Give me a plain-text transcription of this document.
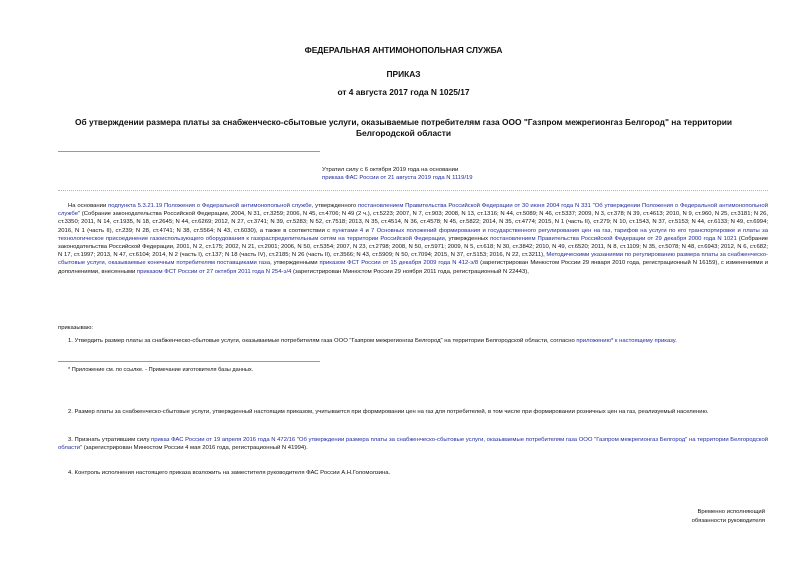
ФЕДЕРАЛЬНАЯ АНТИМОНОПОЛЬНАЯ СЛУЖБА
ПРИКАЗ
от 4 августа 2017 года N 1025/17
Об утверждении размера платы за снабженческо-сбытовые услуги, оказываемые потребителям газа ООО "Газпром межрегионгаз Белгород" на территории Белгородской области
Утратил силу с 6 октября 2019 года на основании
приказа ФАС России от 21 августа 2019 года N 1119/19
На основании подпункта 5.3.21.19 Положения о Федеральной антимонопольной службе, утвержденного постановлением Правительства Российской Федерации от 30 июня 2004 года N 331 "Об утверждении Положения о Федеральной антимонопольной службе" (Собрание законодательства Российской Федерации, 2004, N 31, ст.3259; 2006, N 45, ст.4706; N 49 (2 ч.), ст.5223; 2007, N 7, ст.903; 2008, N 13, ст.1316; N 44, ст.5089; N 46, ст.5337; 2009, N 3, ст.378; N 39, ст.4613; 2010, N 9, ст.960, N 25, ст.3181; N 26, ст.3350; 2011, N 14, ст.1935, N 18, ст.2645; N 44, ст.6269; 2012, N 27, ст.3741; N 39, ст.5283; N 52, ст.7518; 2013, N 35, ст.4514, N 36, ст.4578; N 45, ст.5822; 2014, N 35, ст.4774; 2015, N 1 (часть II), ст.279; N 10, ст.1543, N 37, ст.5153; N 44, ст.6133; N 49, ст.6994; 2016, N 1 (часть II), ст.239; N 28, ст.4741; N 38, ст.5564; N 43, ст.6030), а также в соответствии с пунктами 4 и 7 Основных положений формирования и государственного регулирования цен на газ, тарифов на услуги по его транспортировке и платы за технологическое присоединение газоиспользующего оборудования к газораспределительным сетям на территории Российской Федерации, утвержденных постановлением Правительства Российской Федерации от 29 декабря 2000 года N 1021 (Собрание законодательства Российской Федерации, 2001, N 2, ст.175; 2002, N 21, ст.2001; 2006, N 50, ст.5354; 2007, N 23, ст.2798; 2008, N 50, ст.5971; 2009, N 5, ст.618; N 30, ст.3842; 2010, N 49, ст.6520; 2011, N 8, ст.1109; N 35, ст.5078; N 48, ст.6943; 2012, N 6, ст.682; N 17, ст.1997; 2013, N 47, ст.6104; 2014, N 2 (часть I), ст.137; N 18 (часть IV), ст.2185; N 26 (часть II), ст.3566; N 43, ст.5909; N 50, ст.7094; 2015, N 37, ст.5153; 2016, N 22, ст.3211), Методическими указаниями по регулированию размера платы за снабженческо-сбытовые услуги, оказываемые конечным потребителям поставщиками газа, утвержденными приказом ФСТ России от 15 декабря 2009 года N 412-э/8 (зарегистрирован Минюстом России 29 января 2010 года, регистрационный N 16159), с изменениями и дополнениями, внесенными приказом ФСТ России от 27 октября 2011 года N 254-э/4 (зарегистрирован Минюстом России 29 ноября 2011 года, регистрационный N 22443),
приказываю:
1. Утвердить размер платы за снабженческо-сбытовые услуги, оказываемые потребителям газа ООО "Газпром межрегионгаз Белгород" на территории Белгородской области, согласно приложению* к настоящему приказу.
* Приложение см. по ссылке. - Примечание изготовителя базы данных.
2. Размер платы за снабженческо-сбытовые услуги, утвержденный настоящим приказом, учитывается при формировании цен на газ для потребителей, в том числе при формировании розничных цен на газ, реализуемый населению.
3. Признать утратившим силу приказ ФАС России от 19 апреля 2016 года N 472/16 "Об утверждении размера платы за снабженческо-сбытовые услуги, оказываемые потребителям газа ООО "Газпром межрегионгаз Белгород" на территории Белгородской области" (зарегистрирован Минюстом России 4 мая 2016 года, регистрационный N 41994).
4. Контроль исполнения настоящего приказа возложить на заместителя руководителя ФАС России А.Н.Голомолзина.
Временно исполняющий
обязанности руководителя
